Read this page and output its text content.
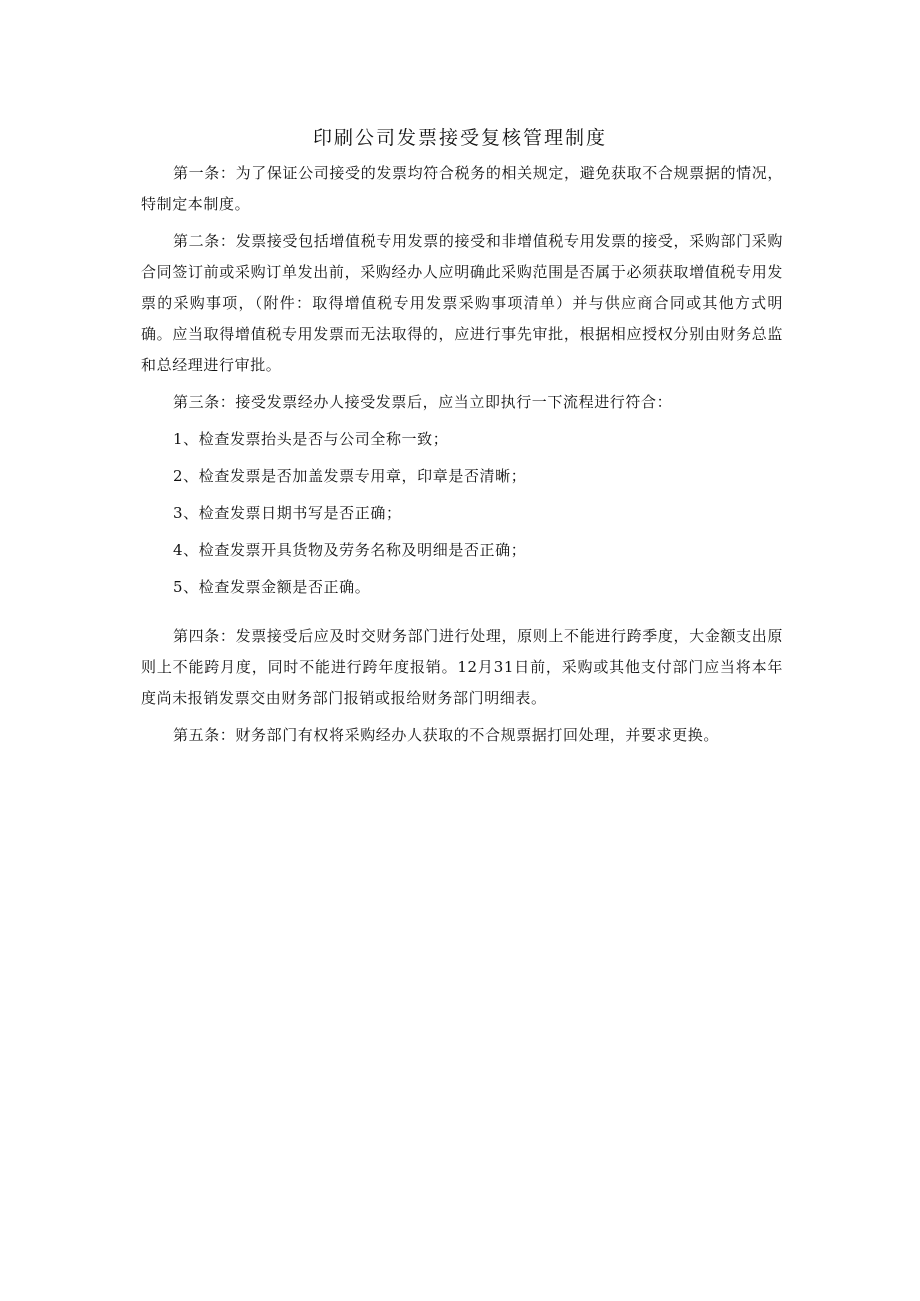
印刷公司发票接受复核管理制度

第一条：为了保证公司接受的发票均符合税务的相关规定，避免获取不合规票据的情况，特制定本制度。

第二条：发票接受包括增值税专用发票的接受和非增值税专用发票的接受，采购部门采购合同签订前或采购订单发出前，采购经办人应明确此采购范围是否属于必须获取增值税专用发票的采购事项，（附件：取得增值税专用发票采购事项清单）并与供应商合同或其他方式明确。应当取得增值税专用发票而无法取得的，应进行事先审批，根据相应授权分别由财务总监和总经理进行审批。

第三条：接受发票经办人接受发票后，应当立即执行一下流程进行符合：

1、检查发票抬头是否与公司全称一致；

2、检查发票是否加盖发票专用章，印章是否清晰；

3、检查发票日期书写是否正确；

4、检查发票开具货物及劳务名称及明细是否正确；

5、检查发票金额是否正确。

第四条：发票接受后应及时交财务部门进行处理，原则上不能进行跨季度，大金额支出原则上不能跨月度，同时不能进行跨年度报销。12月31日前，采购或其他支付部门应当将本年度尚未报销发票交由财务部门报销或报给财务部门明细表。

第五条：财务部门有权将采购经办人获取的不合规票据打回处理，并要求更换。
